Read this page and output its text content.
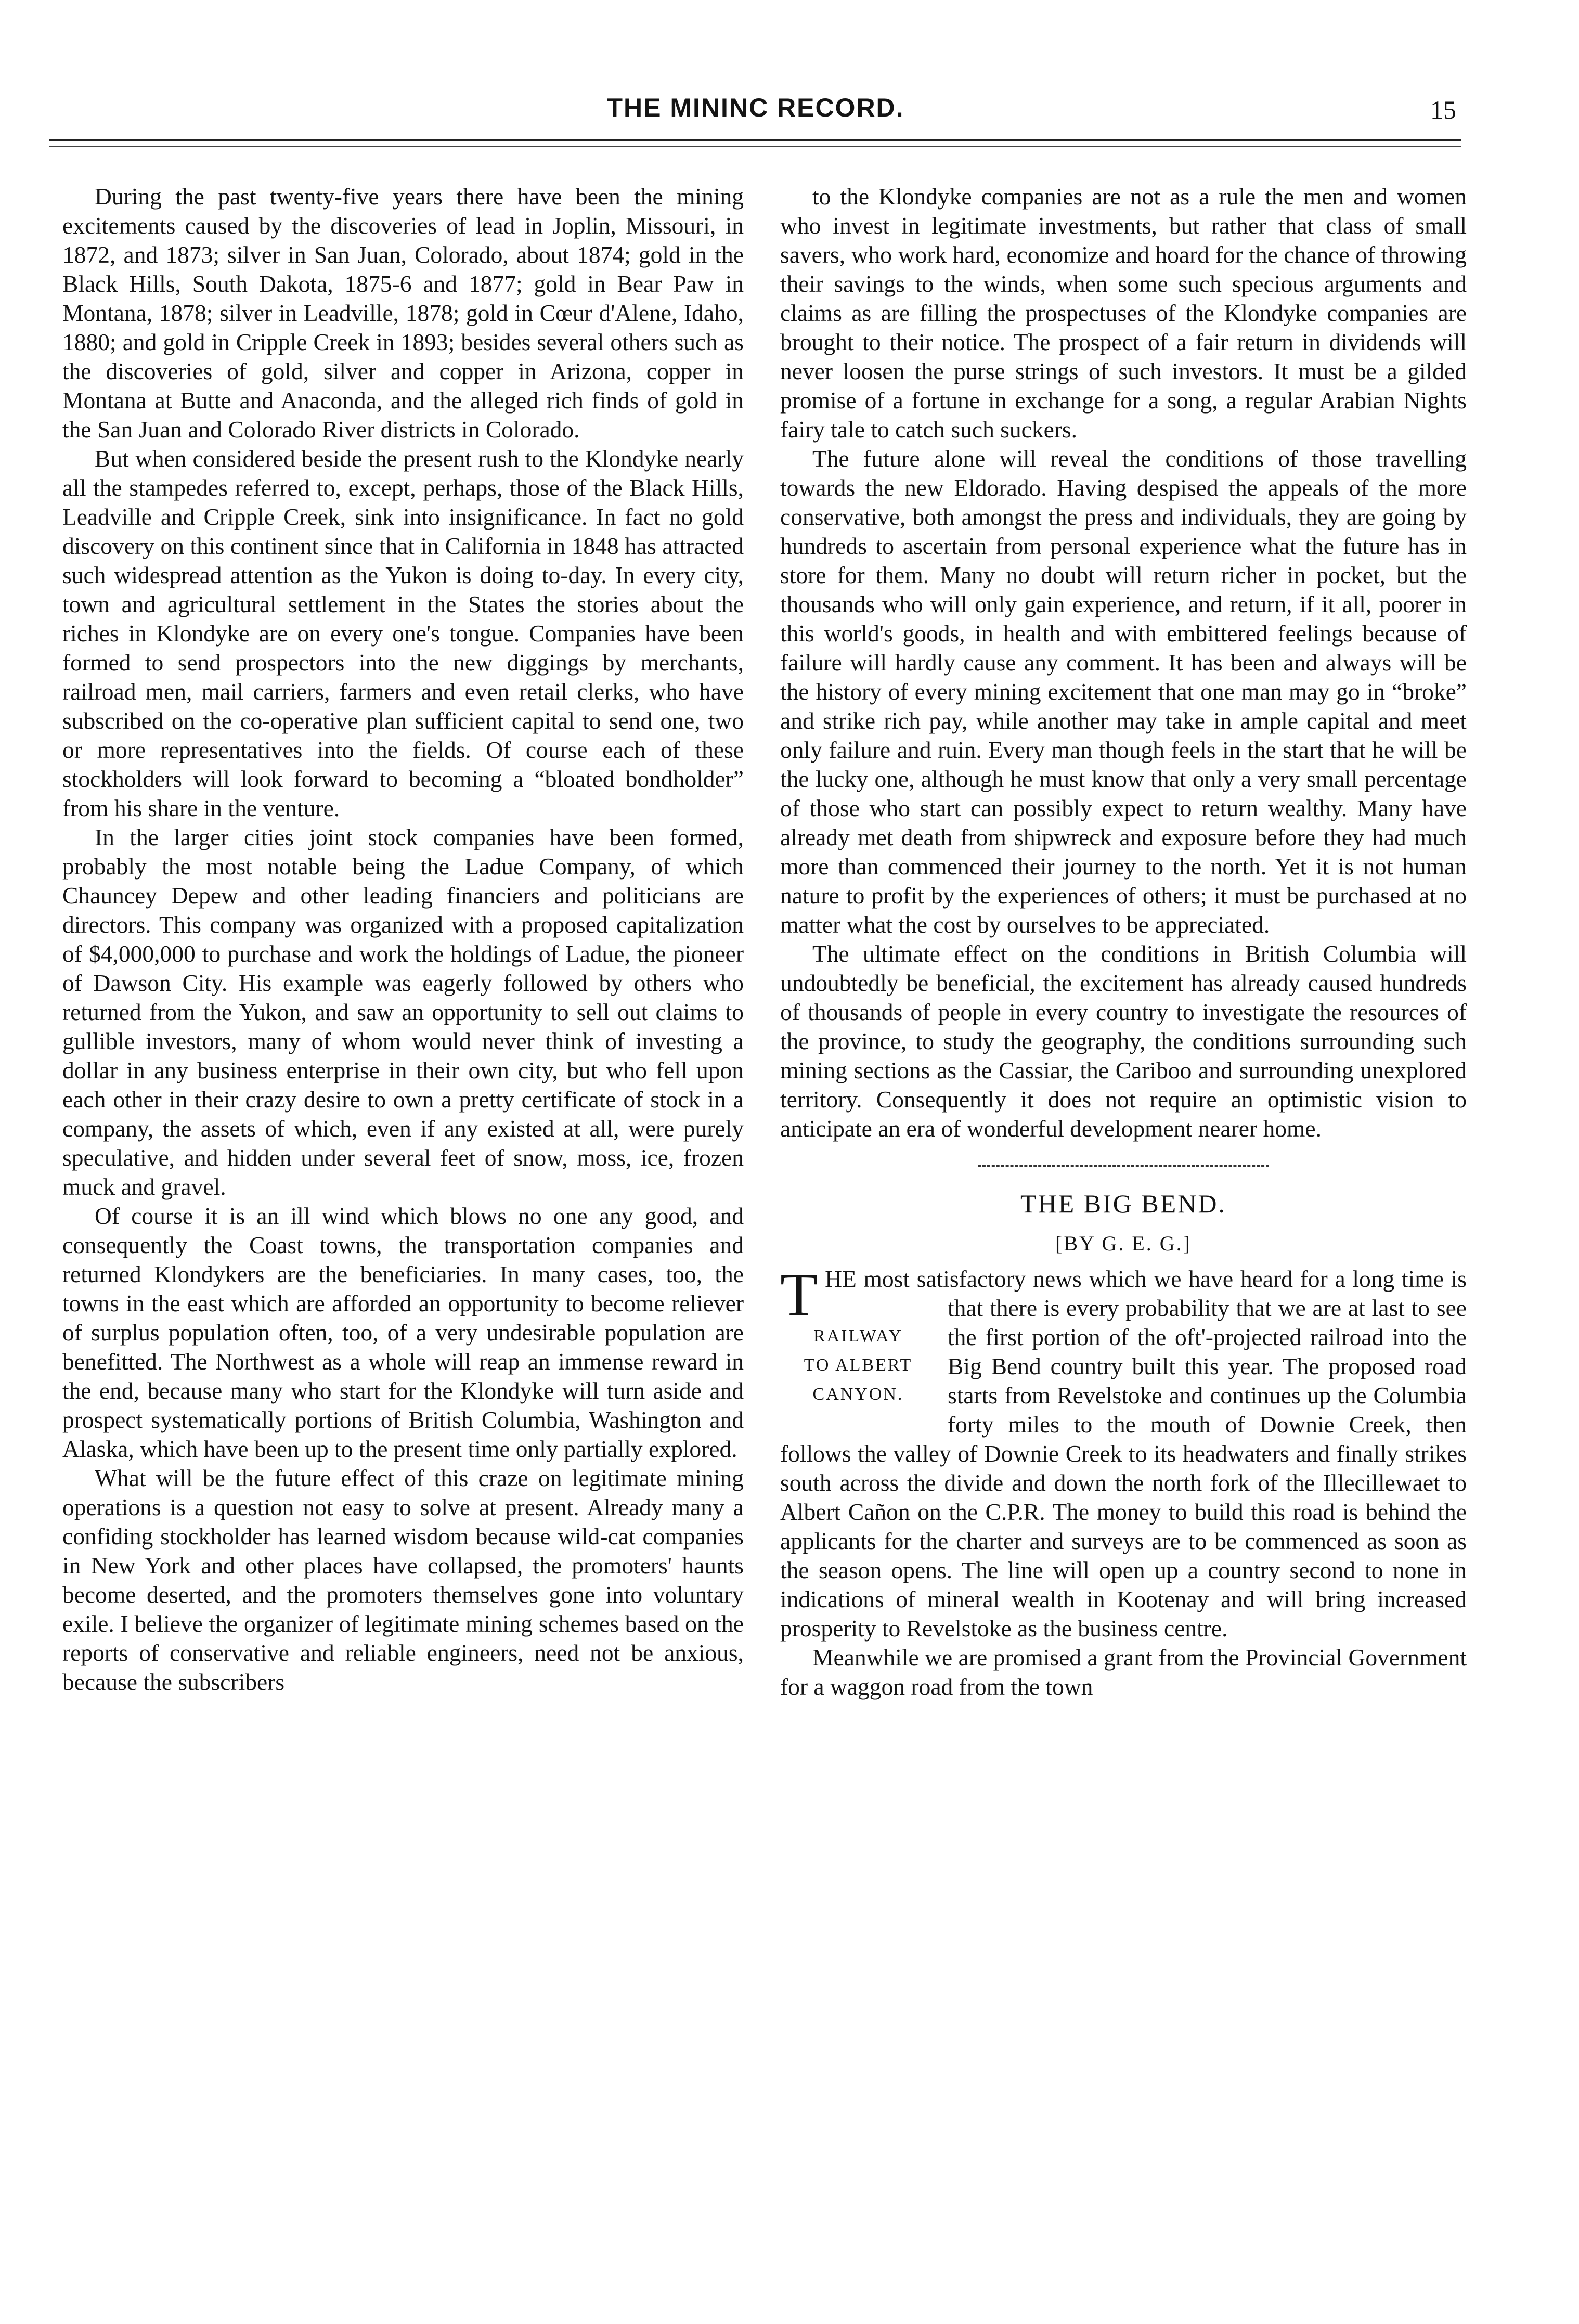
THE MININC RECORD.	15

During the past twenty-five years there have been the mining excitements caused by the discoveries of lead in Joplin, Missouri, in 1872, and 1873; silver in San Juan, Colorado, about 1874; gold in the Black Hills, South Dakota, 1875-6 and 1877; gold in Bear Paw in Montana, 1878; silver in Leadville, 1878; gold in Cœur d'Alene, Idaho, 1880; and gold in Cripple Creek in 1893; besides several others such as the discoveries of gold, silver and copper in Arizona, copper in Montana at Butte and Anaconda, and the alleged rich finds of gold in the San Juan and Colorado River districts in Colorado.

But when considered beside the present rush to the Klondyke nearly all the stampedes referred to, except, perhaps, those of the Black Hills, Leadville and Cripple Creek, sink into insignificance. In fact no gold discovery on this continent since that in California in 1848 has attracted such widespread attention as the Yukon is doing to-day. In every city, town and agricultural settlement in the States the stories about the riches in Klondyke are on every one's tongue. Companies have been formed to send prospectors into the new diggings by merchants, railroad men, mail carriers, farmers and even retail clerks, who have subscribed on the co-operative plan sufficient capital to send one, two or more representatives into the fields. Of course each of these stockholders will look forward to becoming a “bloated bondholder” from his share in the venture.

In the larger cities joint stock companies have been formed, probably the most notable being the Ladue Company, of which Chauncey Depew and other leading financiers and politicians are directors. This company was organized with a proposed capitalization of $4,000,000 to purchase and work the holdings of Ladue, the pioneer of Dawson City. His example was eagerly followed by others who returned from the Yukon, and saw an opportunity to sell out claims to gullible investors, many of whom would never think of investing a dollar in any business enterprise in their own city, but who fell upon each other in their crazy desire to own a pretty certificate of stock in a company, the assets of which, even if any existed at all, were purely speculative, and hidden under several feet of snow, moss, ice, frozen muck and gravel.

Of course it is an ill wind which blows no one any good, and consequently the Coast towns, the transportation companies and returned Klondykers are the beneficiaries. In many cases, too, the towns in the east which are afforded an opportunity to become reliever of surplus population often, too, of a very undesirable population are benefitted. The Northwest as a whole will reap an immense reward in the end, because many who start for the Klondyke will turn aside and prospect systematically portions of British Columbia, Washington and Alaska, which have been up to the present time only partially explored.

What will be the future effect of this craze on legitimate mining operations is a question not easy to solve at present. Already many a confiding stockholder has learned wisdom because wild-cat companies in New York and other places have collapsed, the promoters' haunts become deserted, and the promoters themselves gone into voluntary exile. I believe the organizer of legitimate mining schemes based on the reports of conservative and reliable engineers, need not be anxious, because the subscribers

to the Klondyke companies are not as a rule the men and women who invest in legitimate investments, but rather that class of small savers, who work hard, economize and hoard for the chance of throwing their savings to the winds, when some such specious arguments and claims as are filling the prospectuses of the Klondyke companies are brought to their notice. The prospect of a fair return in dividends will never loosen the purse strings of such investors. It must be a gilded promise of a fortune in exchange for a song, a regular Arabian Nights fairy tale to catch such suckers.

The future alone will reveal the conditions of those travelling towards the new Eldorado. Having despised the appeals of the more conservative, both amongst the press and individuals, they are going by hundreds to ascertain from personal experience what the future has in store for them. Many no doubt will return richer in pocket, but the thousands who will only gain experience, and return, if it all, poorer in this world's goods, in health and with embittered feelings because of failure will hardly cause any comment. It has been and always will be the history of every mining excitement that one man may go in “broke” and strike rich pay, while another may take in ample capital and meet only failure and ruin. Every man though feels in the start that he will be the lucky one, although he must know that only a very small percentage of those who start can possibly expect to return wealthy. Many have already met death from shipwreck and exposure before they had much more than commenced their journey to the north. Yet it is not human nature to profit by the experiences of others; it must be purchased at no matter what the cost by ourselves to be appreciated.

The ultimate effect on the conditions in British Columbia will undoubtedly be beneficial, the excitement has already caused hundreds of thousands of people in every country to investigate the resources of the province, to study the geography, the conditions surrounding such mining sections as the Cassiar, the Cariboo and surrounding unexplored territory. Consequently it does not require an optimistic vision to anticipate an era of wonderful development nearer home.

THE BIG BEND.
[BY G. E. G.]

T
RAILWAY
TO ALBERT
CANYON.
HE most satisfactory news which we have heard for a long time is that there is every probability that we are at last to see the first portion of the oft'-projected railroad into the Big Bend country built this year. The proposed road starts from Revelstoke and continues up the Columbia forty miles to the mouth of Downie Creek, then follows the valley of Downie Creek to its headwaters and finally strikes south across the divide and down the north fork of the Illecillewaet to Albert Cañon on the C.P.R. The money to build this road is behind the applicants for the charter and surveys are to be commenced as soon as the season opens. The line will open up a country second to none in indications of mineral wealth in Kootenay and will bring increased prosperity to Revelstoke as the business centre.

Meanwhile we are promised a grant from the Provincial Government for a waggon road from the town
